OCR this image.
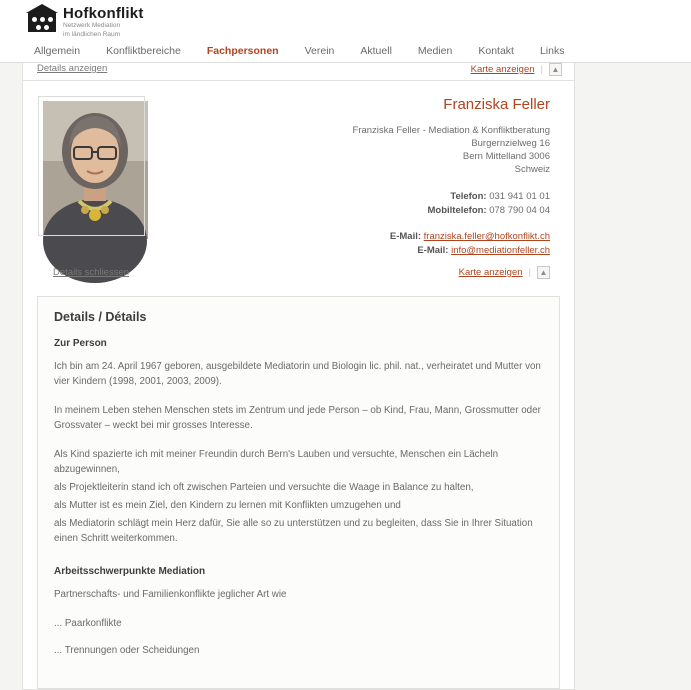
Hofkonflikt
Netzwerk Mediation
im ländlichen Raum
Allgemein	Konfliktbereiche	Fachpersonen	Verein	Aktuell	Medien	Kontakt	Links
Details anzeigen	Karte anzeigen |	▲
Franziska Feller
Franziska Feller - Mediation & Konfliktberatung
Burgernzielweg 16
Bern Mittelland 3006
Schweiz
Telefon: 031 941 01 01
Mobiltelefon: 078 790 04 04
E-Mail: franziska.feller@hofkonflikt.ch
E-Mail: info@mediationfeller.ch
Details schliessen	Karte anzeigen |	▲
Details / Détails
Zur Person

Ich bin am 24. April 1967 geboren, ausgebildete Mediatorin und Biologin lic. phil. nat., verheiratet und Mutter von vier Kindern (1998, 2001, 2003, 2009).

In meinem Leben stehen Menschen stets im Zentrum und jede Person – ob Kind, Frau, Mann, Grossmutter oder Grossvater – weckt bei mir grosses Interesse.

Als Kind spazierte ich mit meiner Freundin durch Bern's Lauben und versuchte, Menschen ein Lächeln abzugewinnen,

als Projektleiterin stand ich oft zwischen Parteien und versuchte die Waage in Balance zu halten,

als Mutter ist es mein Ziel, den Kindern zu lernen mit Konflikten umzugehen und

als Mediatorin schlägt mein Herz dafür, Sie alle so zu unterstützen und zu begleiten, dass Sie in Ihrer Situation einen Schritt weiterkommen.

Arbeitsschwerpunkte Mediation

Partnerschafts- und Familienkonflikte jeglicher Art wie

... Paarkonflikte

... Trennungen oder Scheidungen
